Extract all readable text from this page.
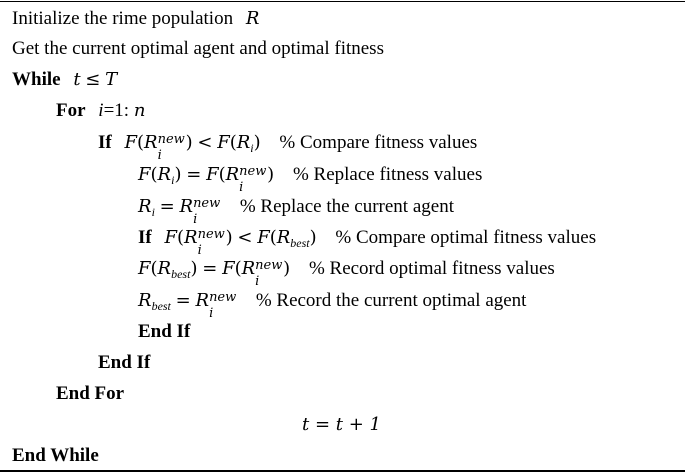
Initialize the rime population R
Get the current optimal agent and optimal fitness
While t ≤ T
For i=1: n
If F(R new
i
) < $F(R_i)$ % Compare fitness values
$F(R_i) = F(R$ new
i
) % Replace fitness values
$R_i = R$ new
i
% Replace the current agent
If F(R new
i
) < $F(R_{best})$ % Compare optimal fitness values
$F(R_{best}) = F(R$ new
i
) % Record optimal fitness values
$R_{best} = R$ new
i
% Record the current optimal agent
End If
End If
End For
t = t + 1
End While
